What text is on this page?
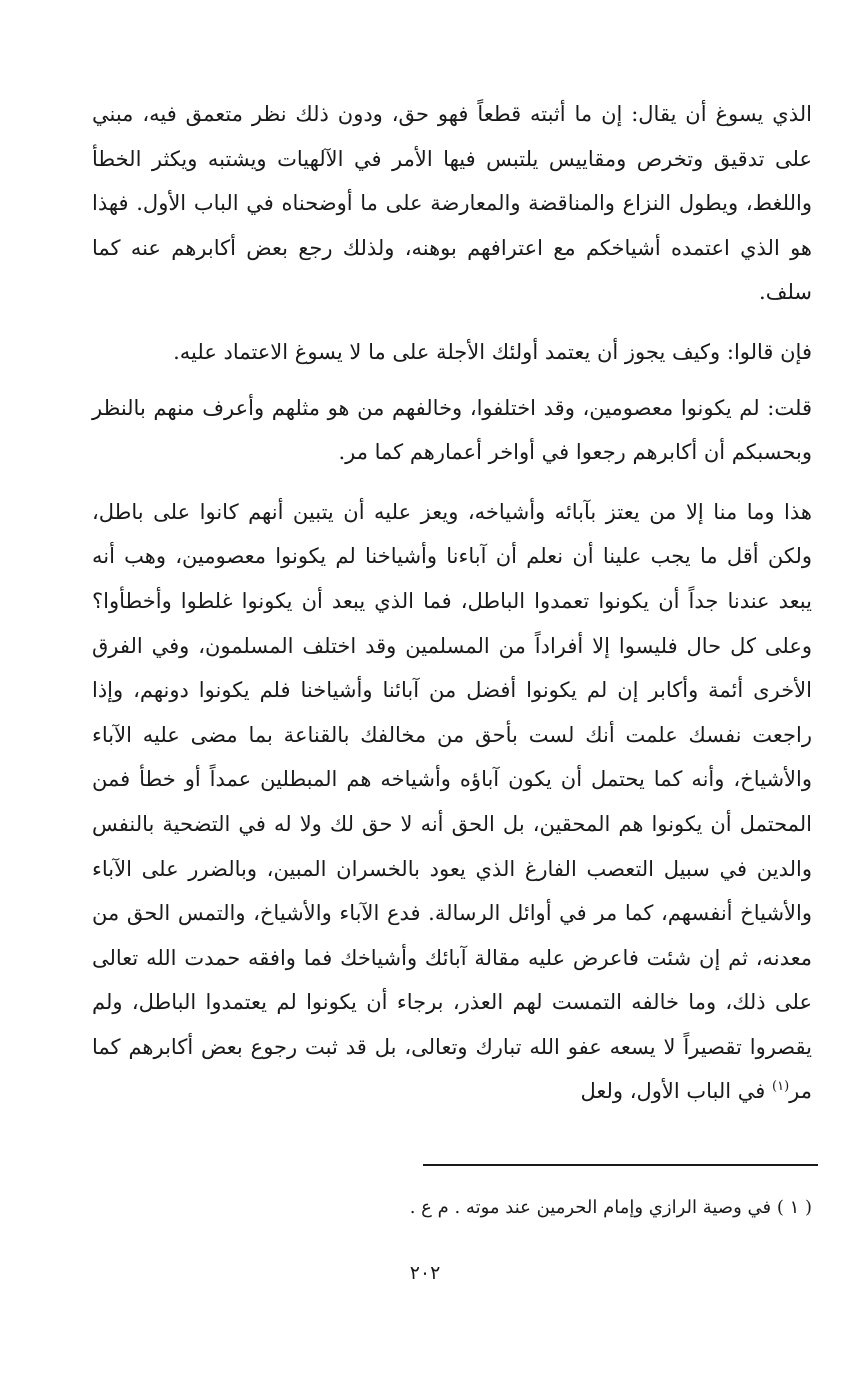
الذي يسوغ أن يقال: إن ما أثبته قطعاً فهو حق، ودون ذلك نظر متعمق فيه، مبني على تدقيق وتخرص ومقاييس يلتبس فيها الأمر في الآلهيات ويشتبه ويكثر الخطأ واللغط، ويطول النزاع والمناقضة والمعارضة على ما أوضحناه في الباب الأول. فهذا هو الذي اعتمده أشياخكم مع اعترافهم بوهنه، ولذلك رجع بعض أكابرهم عنه كما سلف.

فإن قالوا: وكيف يجوز أن يعتمد أولئك الأجلة على ما لا يسوغ الاعتماد عليه.

قلت: لم يكونوا معصومين، وقد اختلفوا، وخالفهم من هو مثلهم وأعرف منهم بالنظر وبحسبكم أن أكابرهم رجعوا في أواخر أعمارهم كما مر.

هذا وما منا إلا من يعتز بآبائه وأشياخه، ويعز عليه أن يتبين أنهم كانوا على باطل، ولكن أقل ما يجب علينا أن نعلم أن آباءنا وأشياخنا لم يكونوا معصومين، وهب أنه يبعد عندنا جداً أن يكونوا تعمدوا الباطل، فما الذي يبعد أن يكونوا غلطوا وأخطأوا؟ وعلى كل حال فليسوا إلا أفراداً من المسلمين وقد اختلف المسلمون، وفي الفرق الأخرى أئمة وأكابر إن لم يكونوا أفضل من آبائنا وأشياخنا فلم يكونوا دونهم، وإذا راجعت نفسك علمت أنك لست بأحق من مخالفك بالقناعة بما مضى عليه الآباء والأشياخ، وأنه كما يحتمل أن يكون آباؤه وأشياخه هم المبطلين عمداً أو خطأ فمن المحتمل أن يكونوا هم المحقين، بل الحق أنه لا حق لك ولا له في التضحية بالنفس والدين في سبيل التعصب الفارغ الذي يعود بالخسران المبين، وبالضرر على الآباء والأشياخ أنفسهم، كما مر في أوائل الرسالة. فدع الآباء والأشياخ، والتمس الحق من معدنه، ثم إن شئت فاعرض عليه مقالة آبائك وأشياخك فما وافقه حمدت الله تعالى على ذلك، وما خالفه التمست لهم العذر، برجاء أن يكونوا لم يعتمدوا الباطل، ولم يقصروا تقصيراً لا يسعه عفو الله تبارك وتعالى، بل قد ثبت رجوع بعض أكابرهم كما مر$^{(١)}$ في الباب الأول، ولعل

( ١ ) في وصية الرازي وإمام الحرمين عند موته . م ع .
٢٠٢
